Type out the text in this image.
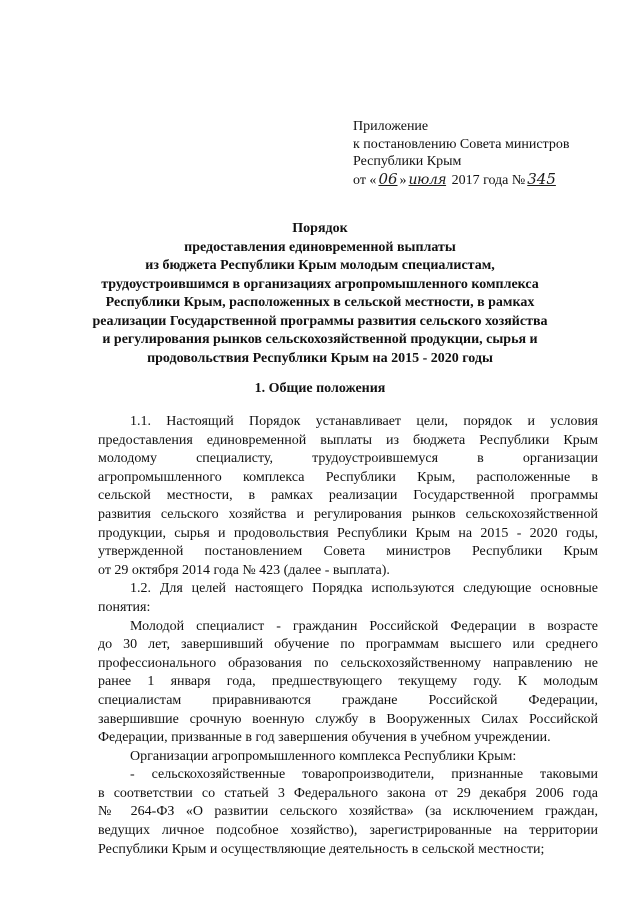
Приложение
к постановлению Совета министров
Республики Крым
от « 06 » июля 2017 года № 345
Порядок
предоставления единовременной выплаты
из бюджета Республики Крым молодым специалистам,
трудоустроившимся в организациях агропромышленного комплекса
Республики Крым, расположенных в сельской местности, в рамках
реализации Государственной программы развития сельского хозяйства
и регулирования рынков сельскохозяйственной продукции, сырья и
продовольствия Республики Крым на 2015 - 2020 годы
1. Общие положения
1.1. Настоящий Порядок устанавливает цели, порядок и условия
предоставления единовременной выплаты из бюджета Республики Крым
молодому специалисту, трудоустроившемуся в организации
агропромышленного комплекса Республики Крым, расположенные в
сельской местности, в рамках реализации Государственной программы
развития сельского хозяйства и регулирования рынков сельскохозяйственной
продукции, сырья и продовольствия Республики Крым на 2015 - 2020 годы,
утвержденной постановлением Совета министров Республики Крым
от 29 октября 2014 года № 423 (далее - выплата).
1.2. Для целей настоящего Порядка используются следующие основные
понятия:
Молодой специалист - гражданин Российской Федерации в возрасте
до 30 лет, завершивший обучение по программам высшего или среднего
профессионального образования по сельскохозяйственному направлению не
ранее 1 января года, предшествующего текущему году. К молодым
специалистам приравниваются граждане Российской Федерации,
завершившие срочную военную службу в Вооруженных Силах Российской
Федерации, призванные в год завершения обучения в учебном учреждении.
Организации агропромышленного комплекса Республики Крым:
- сельскохозяйственные товаропроизводители, признанные таковыми
в соответствии со статьей 3 Федерального закона от 29 декабря 2006 года
№ 264-ФЗ «О развитии сельского хозяйства» (за исключением граждан,
ведущих личное подсобное хозяйство), зарегистрированные на территории
Республики Крым и осуществляющие деятельность в сельской местности;
